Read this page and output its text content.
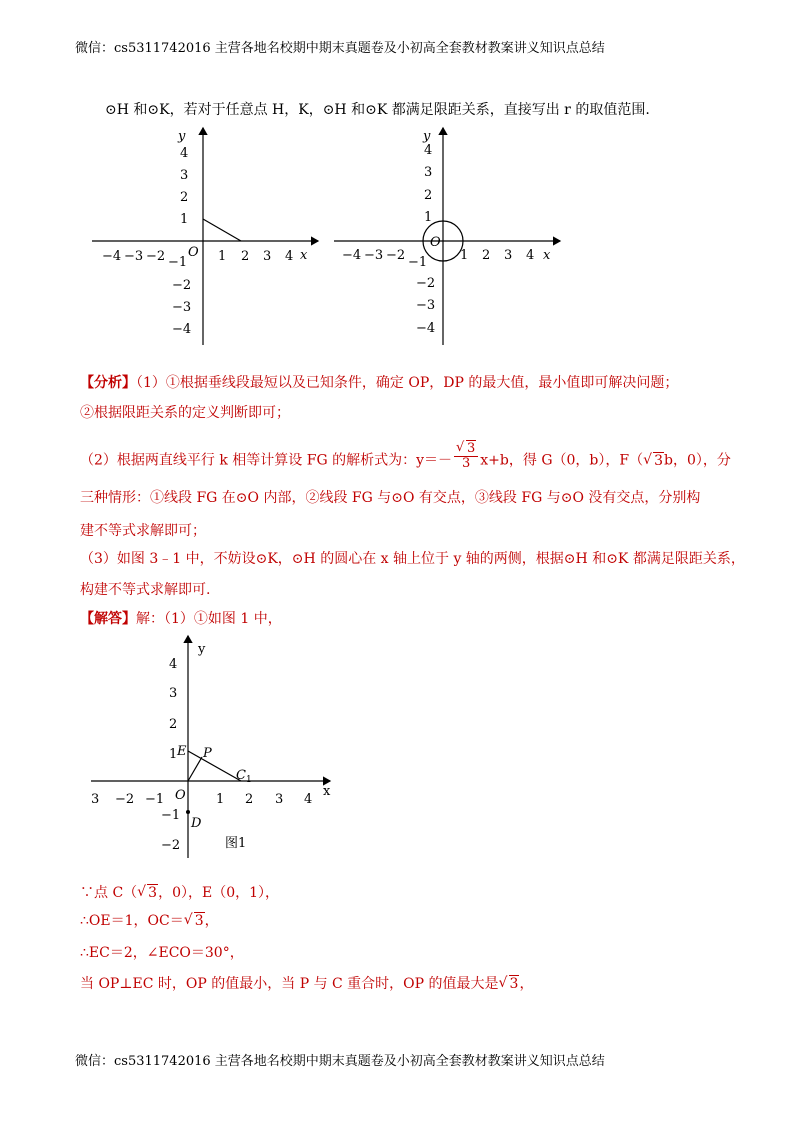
微信：cs5311742016 主营各地名校期中期末真题卷及小初高全套教材教案讲义知识点总结
⊙H 和⊙K，若对于任意点 H，K，⊙H 和⊙K 都满足限距关系，直接写出 r 的取值范围.
y
x
O
−4 −3 −2 −1 1 2 3 4
4
3
2
1
−2
−3
−4
y
x
O
−4 −3 −2 −1	1 2 3 4
4
3
2
1
−2
−3
−4
【分析】（1）①根据垂线段最短以及已知条件，确定 OP，DP 的最大值，最小值即可解决问题；
②根据限距关系的定义判断即可；
（2）根据两直线平行 k 相等计算设 FG 的解析式为：y＝－ √ $\frac{3}{3} x+b$，得 G（0，b），F（ √ 3b，0），分
三种情形：①线段 FG 在⊙O 内部，②线段 FG 与⊙O 有交点，③线段 FG 与⊙O 没有交点，分别构
建不等式求解即可；
（3）如图 3﹣1 中，不妨设⊙K，⊙H 的圆心在 x 轴上位于 y 轴的两侧，根据⊙H 和⊙K 都满足限距关系，
构建不等式求解即可.
【解答】解：（1）①如图 1 中，
y
x
E P
C 1
O
D
3 −2 −1	1 2 3 4
4
3
2
1
−1
−2	图1
∵点 C（ √ 3，0），E（0，1），
∴OE＝1，OC＝ √ 3，
∴EC＝2，∠ECO＝30°，
当 OP⊥EC 时，OP 的值最小，当 P 与 C 重合时，OP 的值最大是 √ 3，
微信：cs5311742016 主营各地名校期中期末真题卷及小初高全套教材教案讲义知识点总结
